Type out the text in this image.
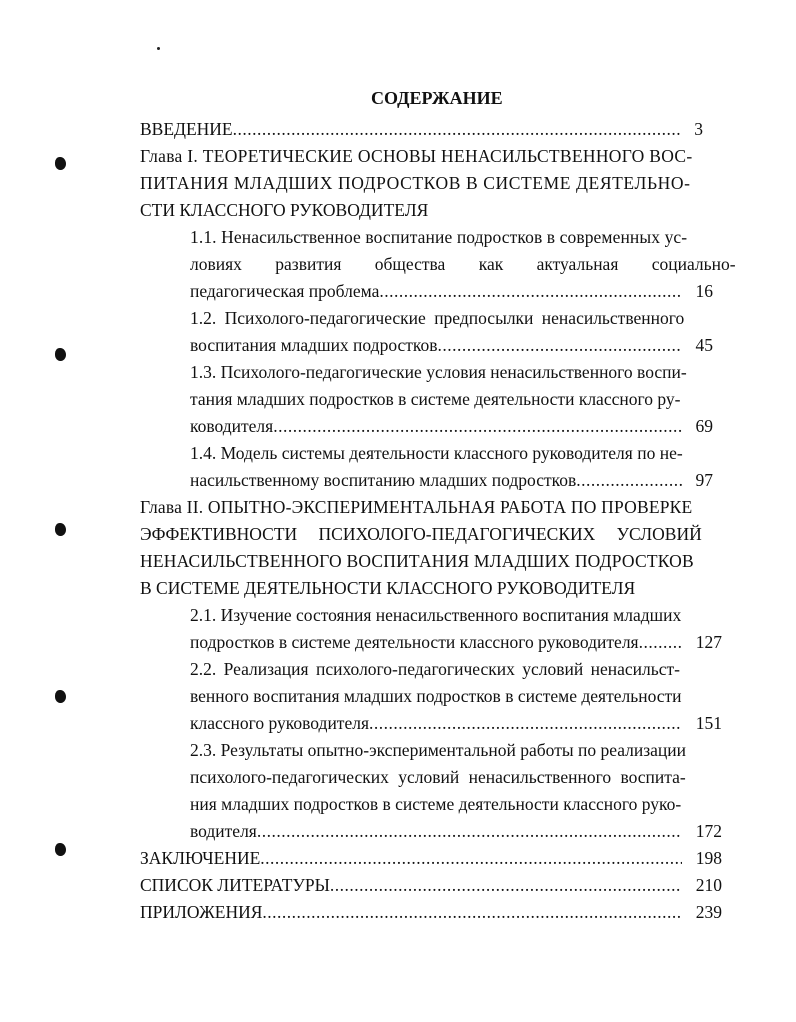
СОДЕРЖАНИЕ
ВВЕДЕНИЕ .....	3
Глава I. ТЕОРЕТИЧЕСКИЕ ОСНОВЫ НЕНАСИЛЬСТВЕННОГО ВОС-
ПИТАНИЯ МЛАДШИХ ПОДРОСТКОВ В СИСТЕМЕ ДЕЯТЕЛЬНО-
СТИ КЛАССНОГО РУКОВОДИТЕЛЯ
1.1. Ненасильственное воспитание подростков в современных ус-
ловиях развития общества как актуальная социально-
педагогическая проблема .....	16
1.2. Психолого-педагогические предпосылки ненасильственного
воспитания младших подростков .....	45
1.3. Психолого-педагогические условия ненасильственного воспи-
тания младших подростков в системе деятельности классного ру-
ководителя .....	69
1.4. Модель системы деятельности классного руководителя по не-
насильственному воспитанию младших подростков .....	97
Глава II. ОПЫТНО-ЭКСПЕРИМЕНТАЛЬНАЯ РАБОТА ПО ПРОВЕРКЕ
ЭФФЕКТИВНОСТИ ПСИХОЛОГО-ПЕДАГОГИЧЕСКИХ УСЛОВИЙ
НЕНАСИЛЬСТВЕННОГО ВОСПИТАНИЯ МЛАДШИХ ПОДРОСТКОВ
В СИСТЕМЕ ДЕЯТЕЛЬНОСТИ КЛАССНОГО РУКОВОДИТЕЛЯ
2.1. Изучение состояния ненасильственного воспитания младших
подростков в системе деятельности классного руководителя .....	127
2.2. Реализация психолого-педагогических условий ненасильст-
венного воспитания младших подростков в системе деятельности
классного руководителя .....	151
2.3. Результаты опытно-экспериментальной работы по реализации
психолого-педагогических условий ненасильственного воспита-
ния младших подростков в системе деятельности классного руко-
водителя .....	172
ЗАКЛЮЧЕНИЕ .....	198
СПИСОК ЛИТЕРАТУРЫ .....	210
ПРИЛОЖЕНИЯ .....	239
